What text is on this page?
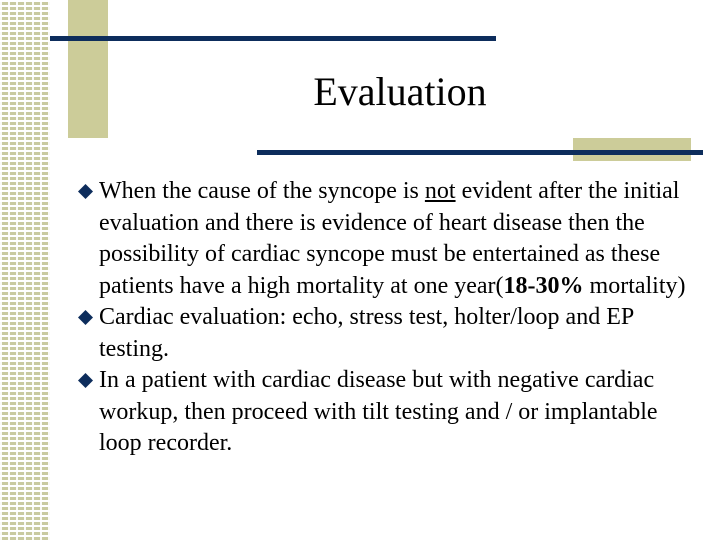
Evaluation
When the cause of the syncope is not evident after the initial evaluation and there is evidence of heart disease then the possibility of cardiac syncope must be entertained as these patients have a high mortality at one year(18-30% mortality)
Cardiac evaluation: echo, stress test, holter/loop and EP testing.
In a patient with cardiac disease but with negative cardiac workup, then proceed with tilt testing and / or implantable loop recorder.
